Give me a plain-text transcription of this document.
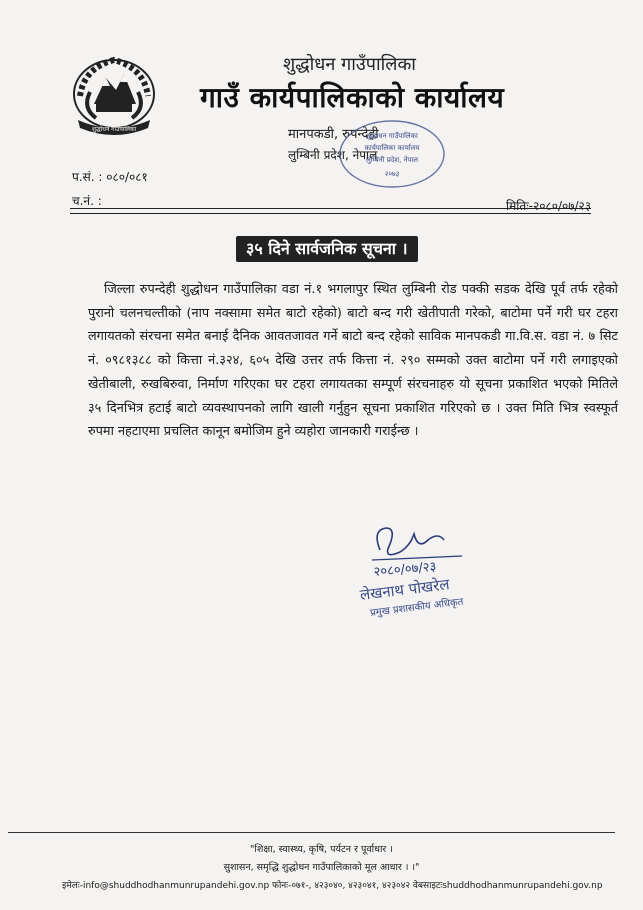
शुद्धोधन गाउँपालिका
शुद्धोधन गाउँपालिका
गाउँ कार्यपालिकाको कार्यालय
मानपकडी, रुपन्देही
लुम्बिनी प्रदेश, नेपाल
शुद्धोधन गाउँपालिका
कार्यपालिका कार्यालय
लुम्बिनी प्रदेश, नेपाल
२०७३
प.सं. : ०८०/०८१
च.नं. :	मितिः-२०८०/०७/२३
३५ दिने सार्वजनिक सूचना ।

जिल्ला रुपन्देही शुद्धोधन गाउँपालिका वडा नं.१ भगलापुर स्थित लुम्बिनी रोड पक्की सडक देखि पूर्व तर्फ रहेको पुरानो चलनचल्तीको (नाप नक्सामा समेत बाटो रहेको) बाटो बन्द गरी खेतीपाती गरेको, बाटोमा पर्ने गरी घर टहरा लगायतको संरचना समेत बनाई दैनिक आवतजावत गर्ने बाटो बन्द रहेको साविक मानपकडी गा.वि.स. वडा नं. ७ सिट नं. ०९८१३८८ को कित्ता नं.३२४, ६०५ देखि उत्तर तर्फ कित्ता नं. २९० सम्मको उक्त बाटोमा पर्ने गरी लगाइएको खेतीबाली, रुखबिरुवा, निर्माण गरिएका घर टहरा लगायतका सम्पूर्ण संरचनाहरु यो सूचना प्रकाशित भएको मितिले ३५ दिनभित्र हटाई बाटो व्यवस्थापनको लागि खाली गर्नुहुन सूचना प्रकाशित गरिएको छ । उक्त मिति भित्र स्वस्फूर्त रुपमा नहटाएमा प्रचलित कानून बमोजिम हुने व्यहोरा जानकारी गराईन्छ ।

२०८०/०७/२३
लेखनाथ पोखरेल
प्रमुख प्रशासकीय अधिकृत
"शिक्षा, स्वास्थ्य, कृषि, पर्यटन र पूर्वाधार ।
सुशासन, समृद्धि शुद्धोधन गाउँपालिकाको मूल आधार । ।"
इमेलः-info@shuddhodhanmunrupandehi.gov.np फोनः-०७१-, ४२३०४०, ४२३०४१, ४२३०४२ वेबसाइटःshuddhodhanmunrupandehi.gov.np
